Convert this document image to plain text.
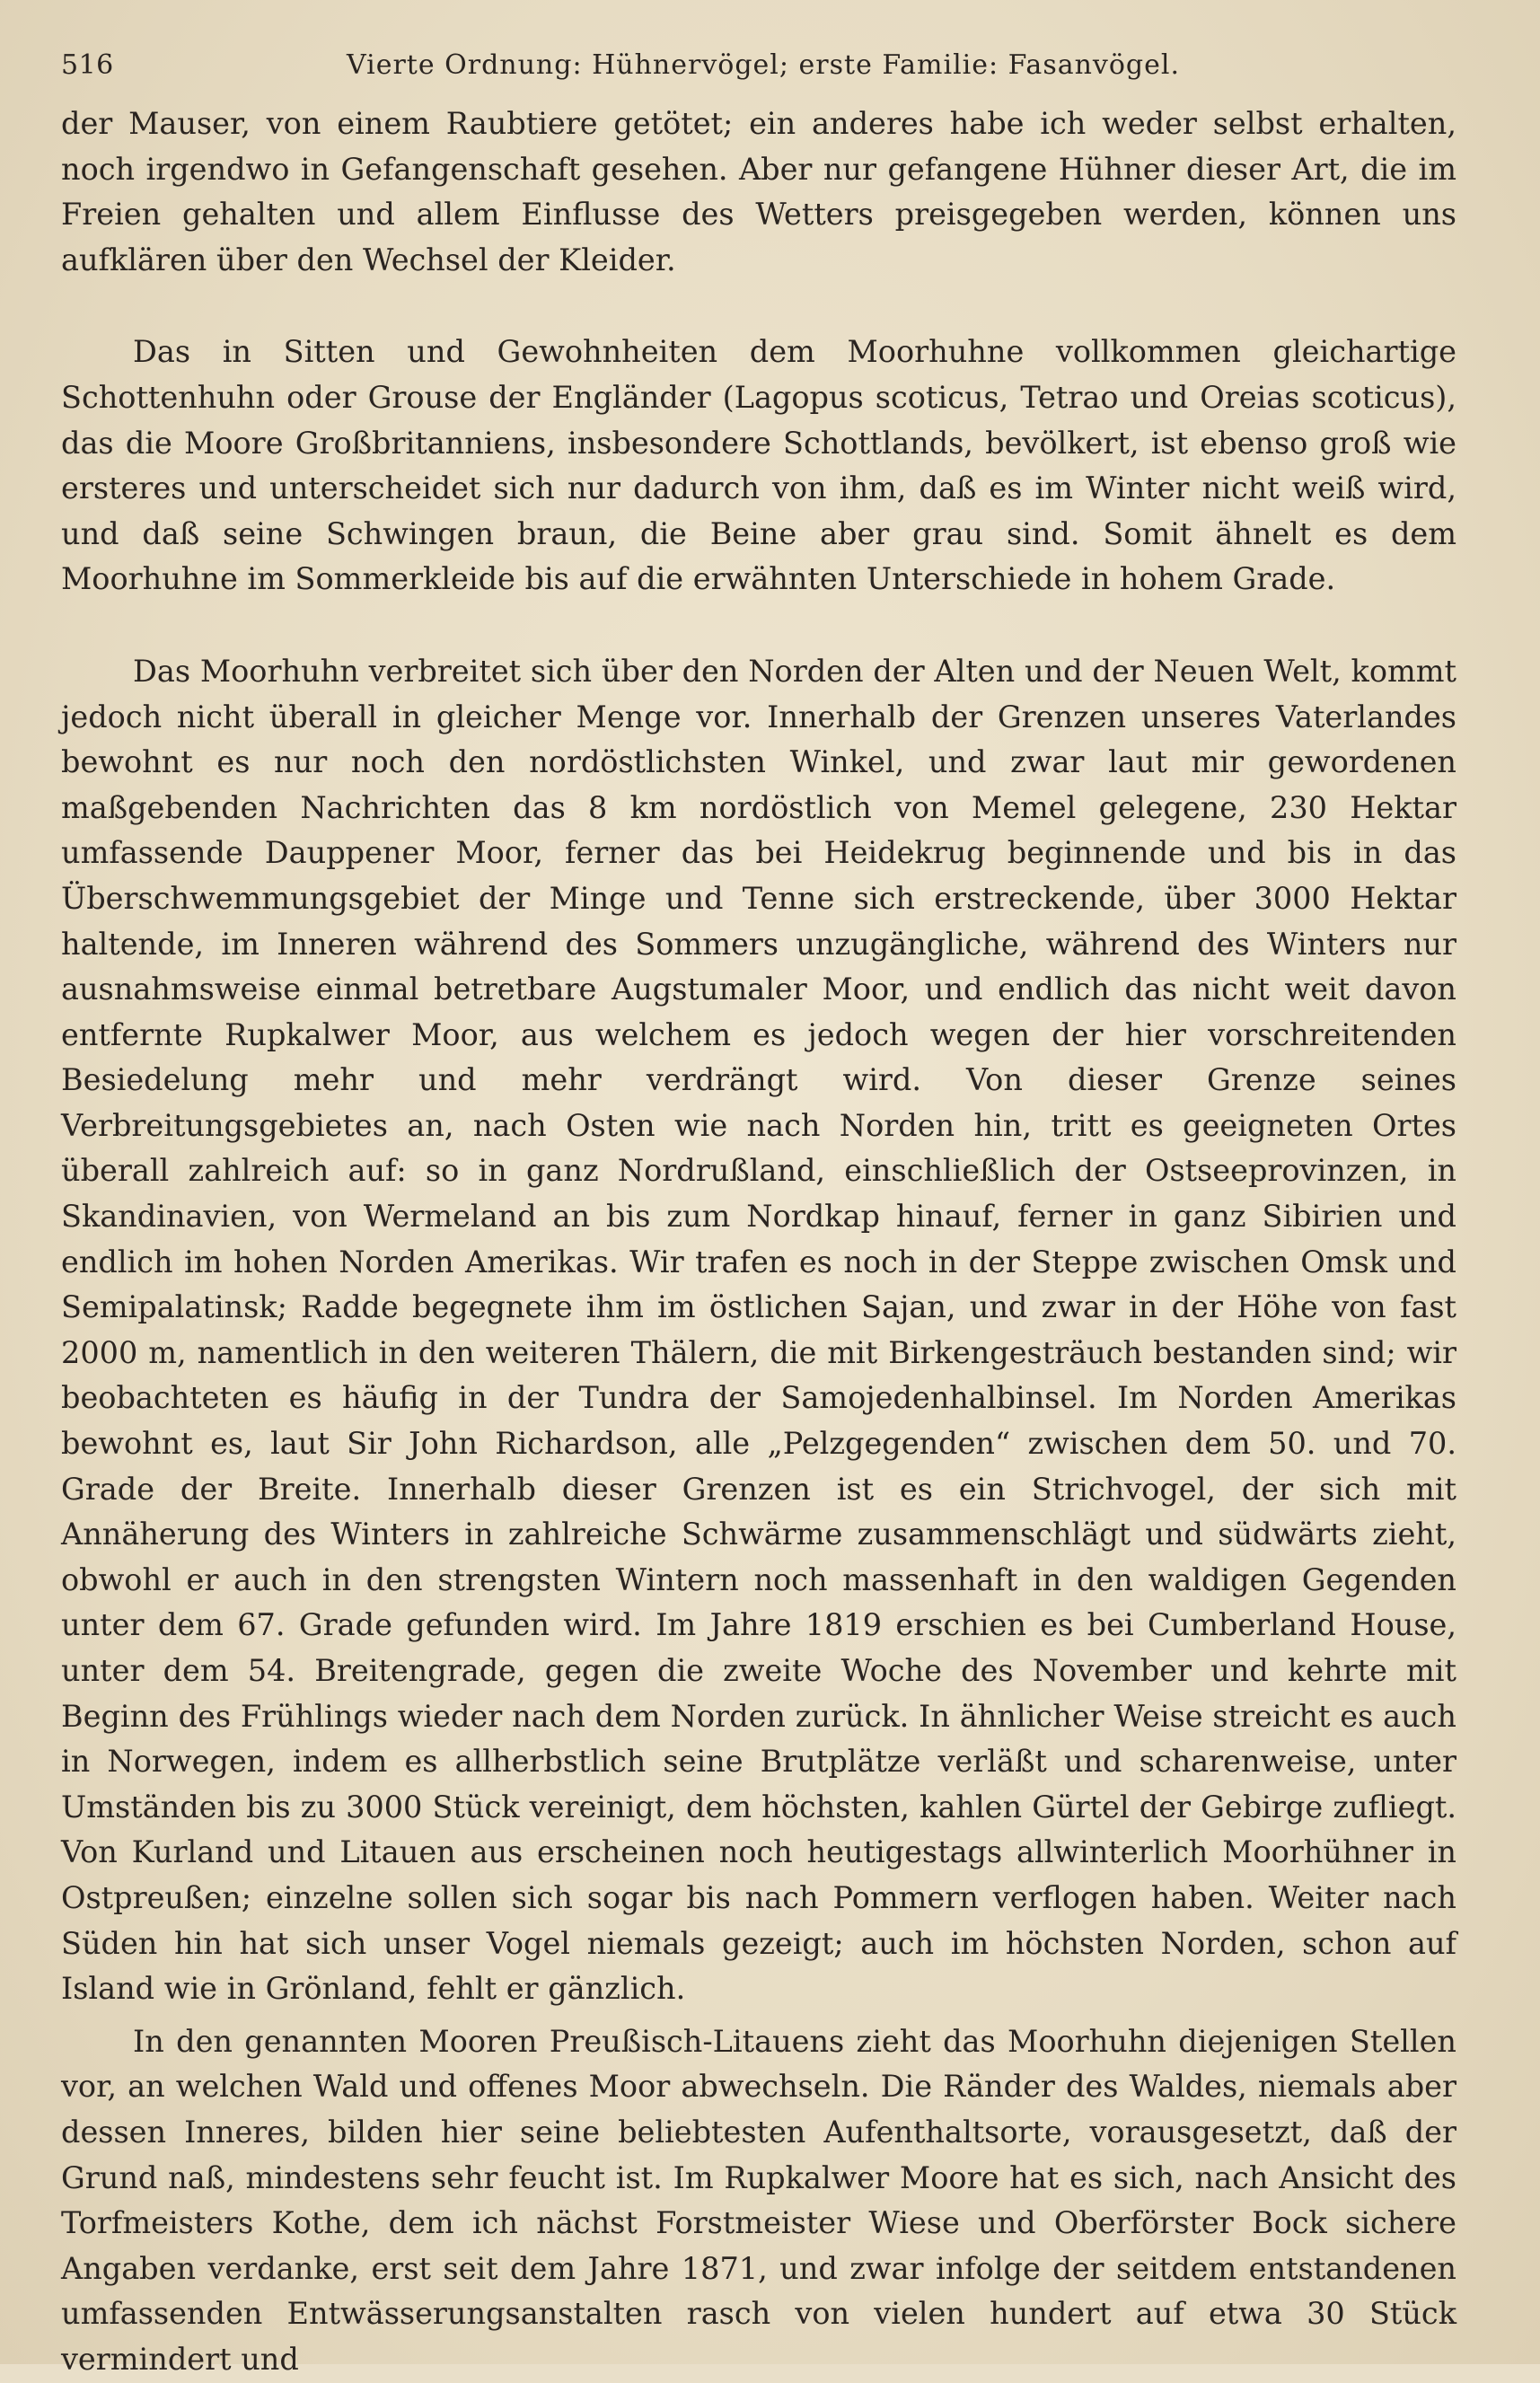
516	Vierte Ordnung: Hühnervögel; erste Familie: Fasanvögel.

der Mauser, von einem Raubtiere getötet; ein anderes habe ich weder selbst erhalten, noch irgendwo in Gefangenschaft gesehen. Aber nur gefangene Hühner dieser Art, die im Freien gehalten und allem Einflusse des Wetters preisgegeben werden, können uns aufklären über den Wechsel der Kleider.

Das in Sitten und Gewohnheiten dem Moorhuhne vollkommen gleichartige Schottenhuhn oder Grouse der Engländer (Lagopus scoticus, Tetrao und Oreias scoticus), das die Moore Großbritanniens, insbesondere Schottlands, bevölkert, ist ebenso groß wie ersteres und unterscheidet sich nur dadurch von ihm, daß es im Winter nicht weiß wird, und daß seine Schwingen braun, die Beine aber grau sind. Somit ähnelt es dem Moorhuhne im Sommerkleide bis auf die erwähnten Unterschiede in hohem Grade.

Das Moorhuhn verbreitet sich über den Norden der Alten und der Neuen Welt, kommt jedoch nicht überall in gleicher Menge vor. Innerhalb der Grenzen unseres Vaterlandes bewohnt es nur noch den nordöstlichsten Winkel, und zwar laut mir gewordenen maßgebenden Nachrichten das 8 km nordöstlich von Memel gelegene, 230 Hektar umfassende Dauppener Moor, ferner das bei Heidekrug beginnende und bis in das Überschwemmungsgebiet der Minge und Tenne sich erstreckende, über 3000 Hektar haltende, im Inneren während des Sommers unzugängliche, während des Winters nur ausnahmsweise einmal betretbare Augstumaler Moor, und endlich das nicht weit davon entfernte Rupkalwer Moor, aus welchem es jedoch wegen der hier vorschreitenden Besiedelung mehr und mehr verdrängt wird. Von dieser Grenze seines Verbreitungsgebietes an, nach Osten wie nach Norden hin, tritt es geeigneten Ortes überall zahlreich auf: so in ganz Nordrußland, einschließlich der Ostseeprovinzen, in Skandinavien, von Wermeland an bis zum Nordkap hinauf, ferner in ganz Sibirien und endlich im hohen Norden Amerikas. Wir trafen es noch in der Steppe zwischen Omsk und Semipalatinsk; Radde begegnete ihm im östlichen Sajan, und zwar in der Höhe von fast 2000 m, namentlich in den weiteren Thälern, die mit Birkengesträuch bestanden sind; wir beobachteten es häufig in der Tundra der Samojedenhalbinsel. Im Norden Amerikas bewohnt es, laut Sir John Richardson, alle „Pelzgegenden“ zwischen dem 50. und 70. Grade der Breite. Innerhalb dieser Grenzen ist es ein Strichvogel, der sich mit Annäherung des Winters in zahlreiche Schwärme zusammenschlägt und südwärts zieht, obwohl er auch in den strengsten Wintern noch massenhaft in den waldigen Gegenden unter dem 67. Grade gefunden wird. Im Jahre 1819 erschien es bei Cumberland House, unter dem 54. Breitengrade, gegen die zweite Woche des November und kehrte mit Beginn des Frühlings wieder nach dem Norden zurück. In ähnlicher Weise streicht es auch in Norwegen, indem es allherbstlich seine Brutplätze verläßt und scharenweise, unter Umständen bis zu 3000 Stück vereinigt, dem höchsten, kahlen Gürtel der Gebirge zufliegt. Von Kurland und Litauen aus erscheinen noch heutigestags allwinterlich Moorhühner in Ostpreußen; einzelne sollen sich sogar bis nach Pommern verflogen haben. Weiter nach Süden hin hat sich unser Vogel niemals gezeigt; auch im höchsten Norden, schon auf Island wie in Grönland, fehlt er gänzlich.

In den genannten Mooren Preußisch-Litauens zieht das Moorhuhn diejenigen Stellen vor, an welchen Wald und offenes Moor abwechseln. Die Ränder des Waldes, niemals aber dessen Inneres, bilden hier seine beliebtesten Aufenthaltsorte, vorausgesetzt, daß der Grund naß, mindestens sehr feucht ist. Im Rupkalwer Moore hat es sich, nach Ansicht des Torfmeisters Kothe, dem ich nächst Forstmeister Wiese und Oberförster Bock sichere Angaben verdanke, erst seit dem Jahre 1871, und zwar infolge der seitdem entstandenen umfassenden Entwässerungsanstalten rasch von vielen hundert auf etwa 30 Stück vermindert und
